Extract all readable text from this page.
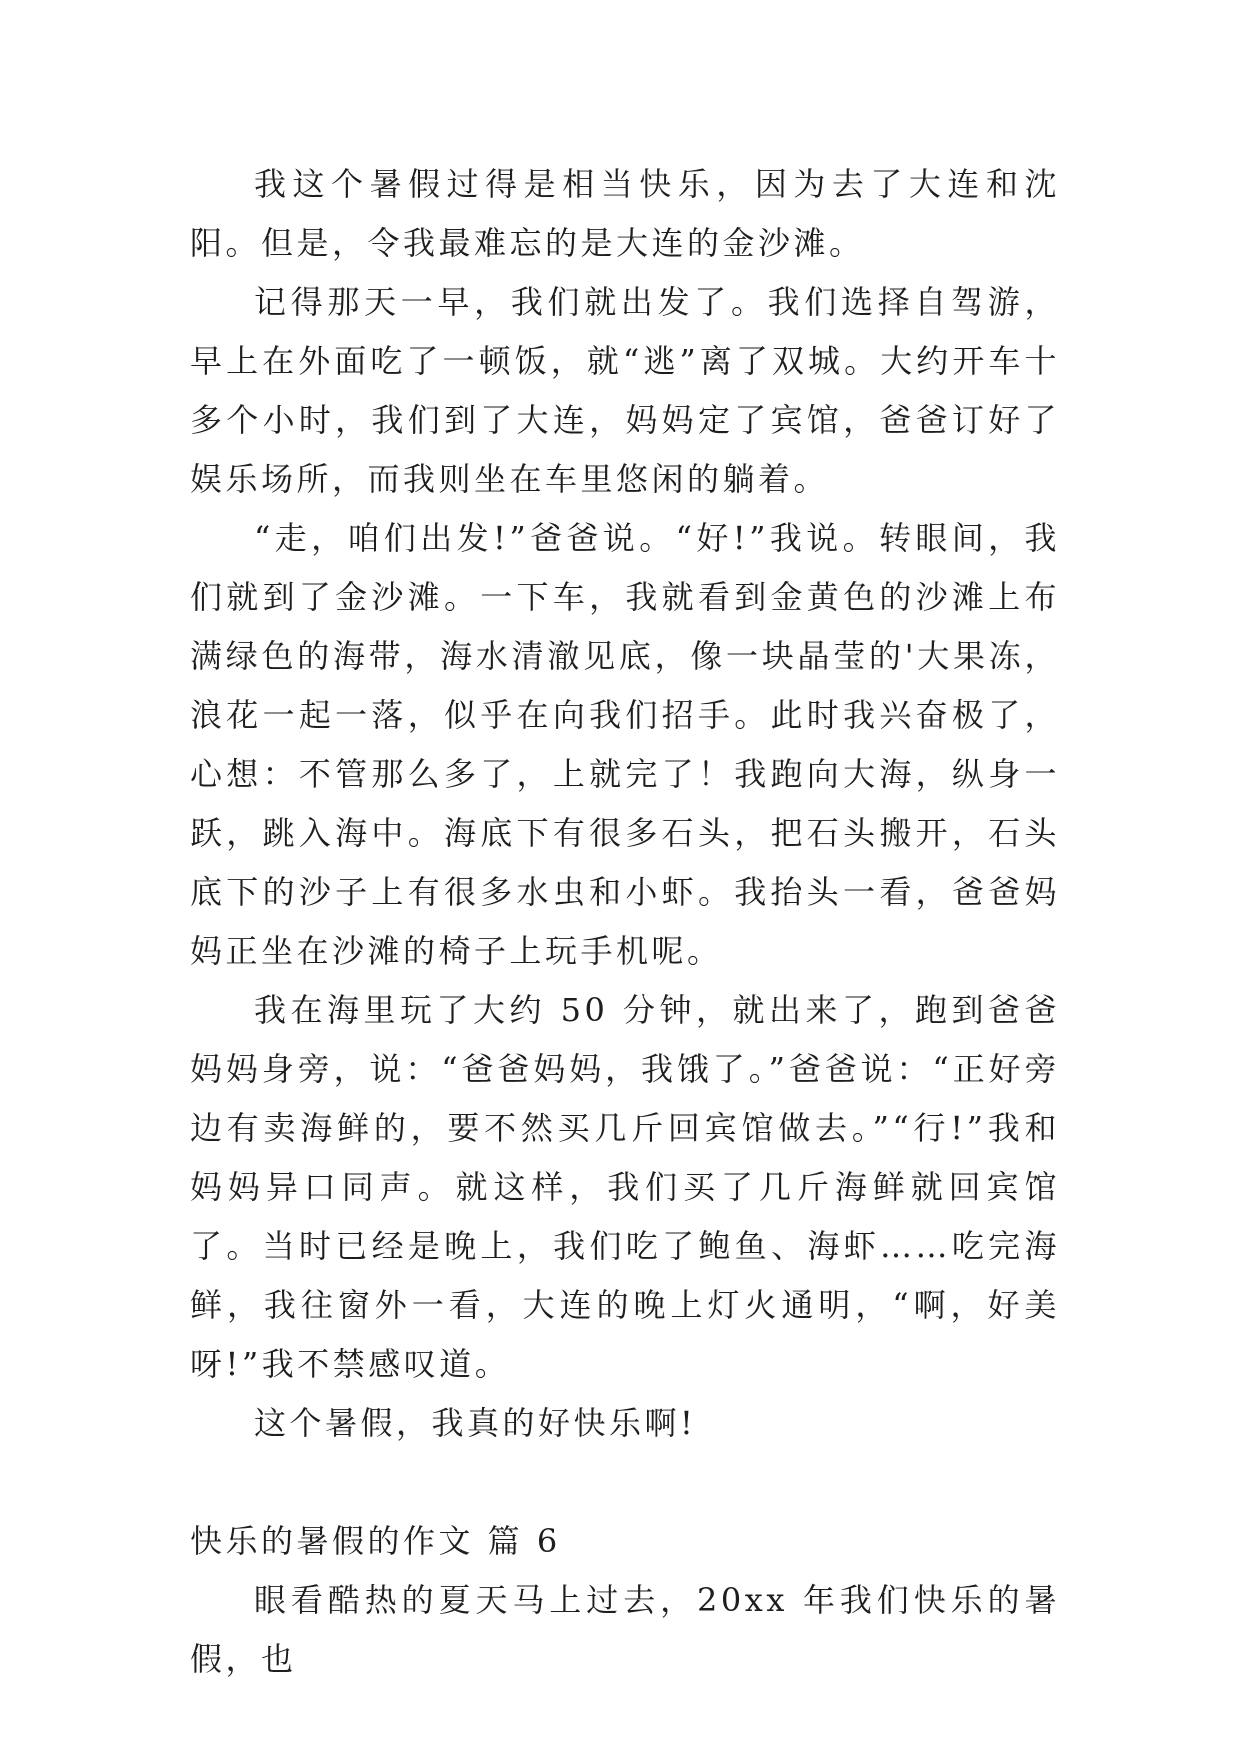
我这个暑假过得是相当快乐，因为去了大连和沈阳。但是，令我最难忘的是大连的金沙滩。

记得那天一早，我们就出发了。我们选择自驾游，早上在外面吃了一顿饭，就“逃”离了双城。大约开车十多个小时，我们到了大连，妈妈定了宾馆，爸爸订好了娱乐场所，而我则坐在车里悠闲的躺着。

“走，咱们出发!”爸爸说。“好!”我说。转眼间，我们就到了金沙滩。一下车，我就看到金黄色的沙滩上布满绿色的海带，海水清澈见底，像一块晶莹的'大果冻，浪花一起一落，似乎在向我们招手。此时我兴奋极了，心想：不管那么多了，上就完了！我跑向大海，纵身一跃，跳入海中。海底下有很多石头，把石头搬开，石头底下的沙子上有很多水虫和小虾。我抬头一看，爸爸妈妈正坐在沙滩的椅子上玩手机呢。

我在海里玩了大约 50 分钟，就出来了，跑到爸爸妈妈身旁，说：“爸爸妈妈，我饿了。”爸爸说：“正好旁边有卖海鲜的，要不然买几斤回宾馆做去。”“行!”我和妈妈异口同声。就这样，我们买了几斤海鲜就回宾馆了。当时已经是晚上，我们吃了鲍鱼、海虾……吃完海鲜，我往窗外一看，大连的晚上灯火通明，“啊，好美呀!”我不禁感叹道。

这个暑假，我真的好快乐啊!

快乐的暑假的作文 篇 6

眼看酷热的夏天马上过去，20xx 年我们快乐的暑假，也
